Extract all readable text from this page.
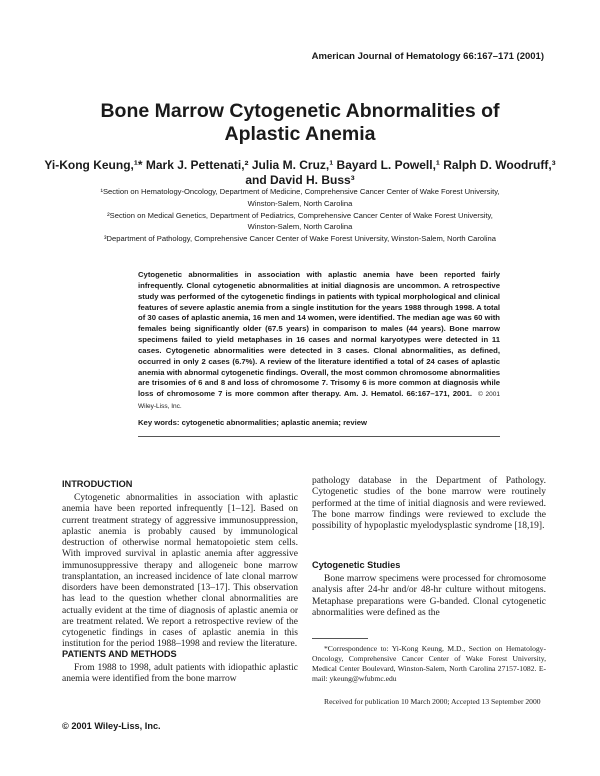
American Journal of Hematology 66:167–171 (2001)
Bone Marrow Cytogenetic Abnormalities of
Aplastic Anemia
Yi-Kong Keung,¹* Mark J. Pettenati,² Julia M. Cruz,¹ Bayard L. Powell,¹ Ralph D. Woodruff,³
and David H. Buss³
¹Section on Hematology-Oncology, Department of Medicine, Comprehensive Cancer Center of Wake Forest University,
Winston-Salem, North Carolina
²Section on Medical Genetics, Department of Pediatrics, Comprehensive Cancer Center of Wake Forest University,
Winston-Salem, North Carolina
³Department of Pathology, Comprehensive Cancer Center of Wake Forest University, Winston-Salem, North Carolina
Cytogenetic abnormalities in association with aplastic anemia have been reported fairly infrequently. Clonal cytogenetic abnormalities at initial diagnosis are uncommon. A retrospective study was performed of the cytogenetic findings in patients with typical morphological and clinical features of severe aplastic anemia from a single institution for the years 1988 through 1998. A total of 30 cases of aplastic anemia, 16 men and 14 women, were identified. The median age was 60 with females being significantly older (67.5 years) in comparison to males (44 years). Bone marrow specimens failed to yield metaphases in 16 cases and normal karyotypes were detected in 11 cases. Cytogenetic abnormalities were detected in 3 cases. Clonal abnormalities, as defined, occurred in only 2 cases (6.7%). A review of the literature identified a total of 24 cases of aplastic anemia with abnormal cytogenetic findings. Overall, the most common chromosome abnormalities are trisomies of 6 and 8 and loss of chromosome 7. Trisomy 6 is more common at diagnosis while loss of chromosome 7 is more common after therapy. Am. J. Hematol. 66:167–171, 2001. © 2001 Wiley-Liss, Inc.
Key words: cytogenetic abnormalities; aplastic anemia; review
INTRODUCTION
Cytogenetic abnormalities in association with aplastic anemia have been reported infrequently [1–12]. Based on current treatment strategy of aggressive immunosuppression, aplastic anemia is probably caused by immunological destruction of otherwise normal hematopoietic stem cells. With improved survival in aplastic anemia after aggressive immunosuppressive therapy and allogeneic bone marrow transplantation, an increased incidence of late clonal marrow disorders have been demonstrated [13–17]. This observation has lead to the question whether clonal abnormalities are actually evident at the time of diagnosis of aplastic anemia or are treatment related. We report a retrospective review of the cytogenetic findings in cases of aplastic anemia in this institution for the period 1988–1998 and review the literature.
PATIENTS AND METHODS
From 1988 to 1998, adult patients with idiopathic aplastic anemia were identified from the bone marrow
pathology database in the Department of Pathology. Cytogenetic studies of the bone marrow were routinely performed at the time of initial diagnosis and were reviewed. The bone marrow findings were reviewed to exclude the possibility of hypoplastic myelodysplastic syndrome [18,19].
Cytogenetic Studies
Bone marrow specimens were processed for chromosome analysis after 24-hr and/or 48-hr culture without mitogens. Metaphase preparations were G-banded. Clonal cytogenetic abnormalities were defined as the
*Correspondence to: Yi-Kong Keung, M.D., Section on Hematology-Oncology, Comprehensive Cancer Center of Wake Forest University, Medical Center Boulevard, Winston-Salem, North Carolina 27157-1082. E-mail: ykeung@wfubmc.edu
Received for publication 10 March 2000; Accepted 13 September 2000
© 2001 Wiley-Liss, Inc.
